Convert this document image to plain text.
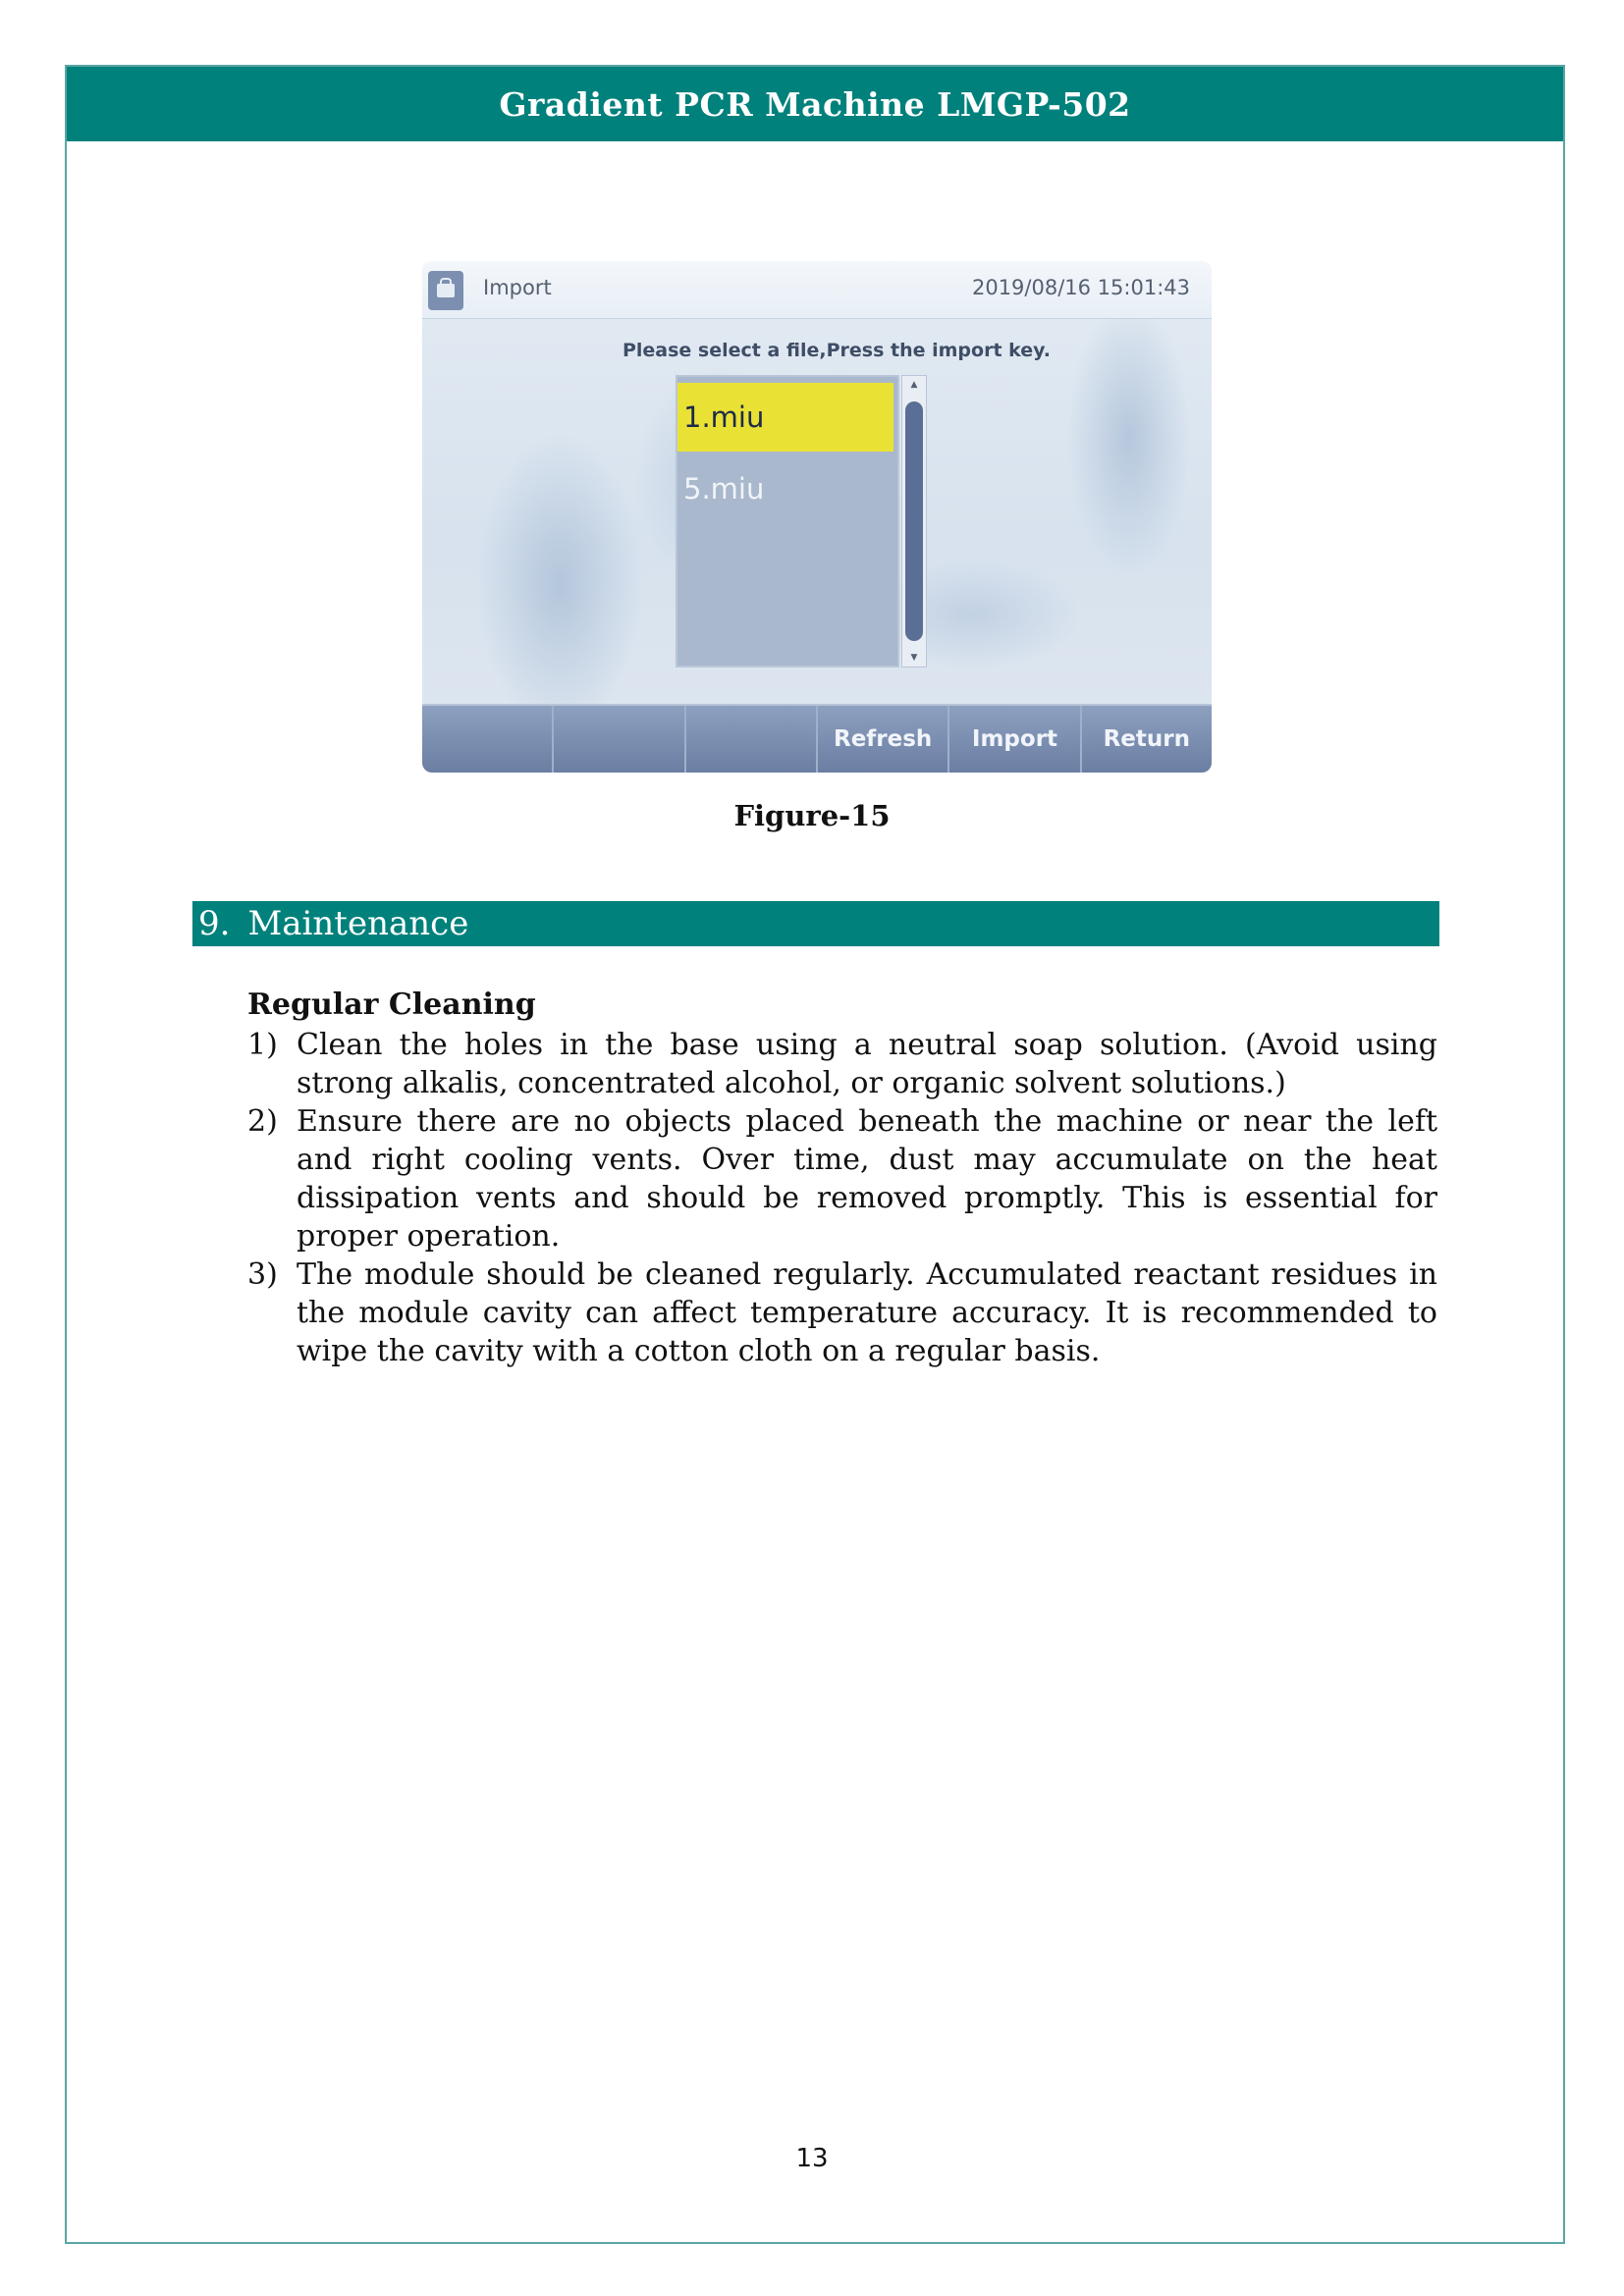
Gradient PCR Machine LMGP-502
Import	2019/08/16 15:01:43
Please select a file,Press the import key.
1.miu
5.miu
▲
▼
Refresh	Import	Return
Figure-15
9. Maintenance
Regular Cleaning
1) Clean the holes in the base using a neutral soap solution. (Avoid using strong alkalis, concentrated alcohol, or organic solvent solutions.)
2) Ensure there are no objects placed beneath the machine or near the left and right cooling vents. Over time, dust may accumulate on the heat dissipation vents and should be removed promptly. This is essential for proper operation.
3) The module should be cleaned regularly. Accumulated reactant residues in the module cavity can affect temperature accuracy. It is recommended to wipe the cavity with a cotton cloth on a regular basis.
13
